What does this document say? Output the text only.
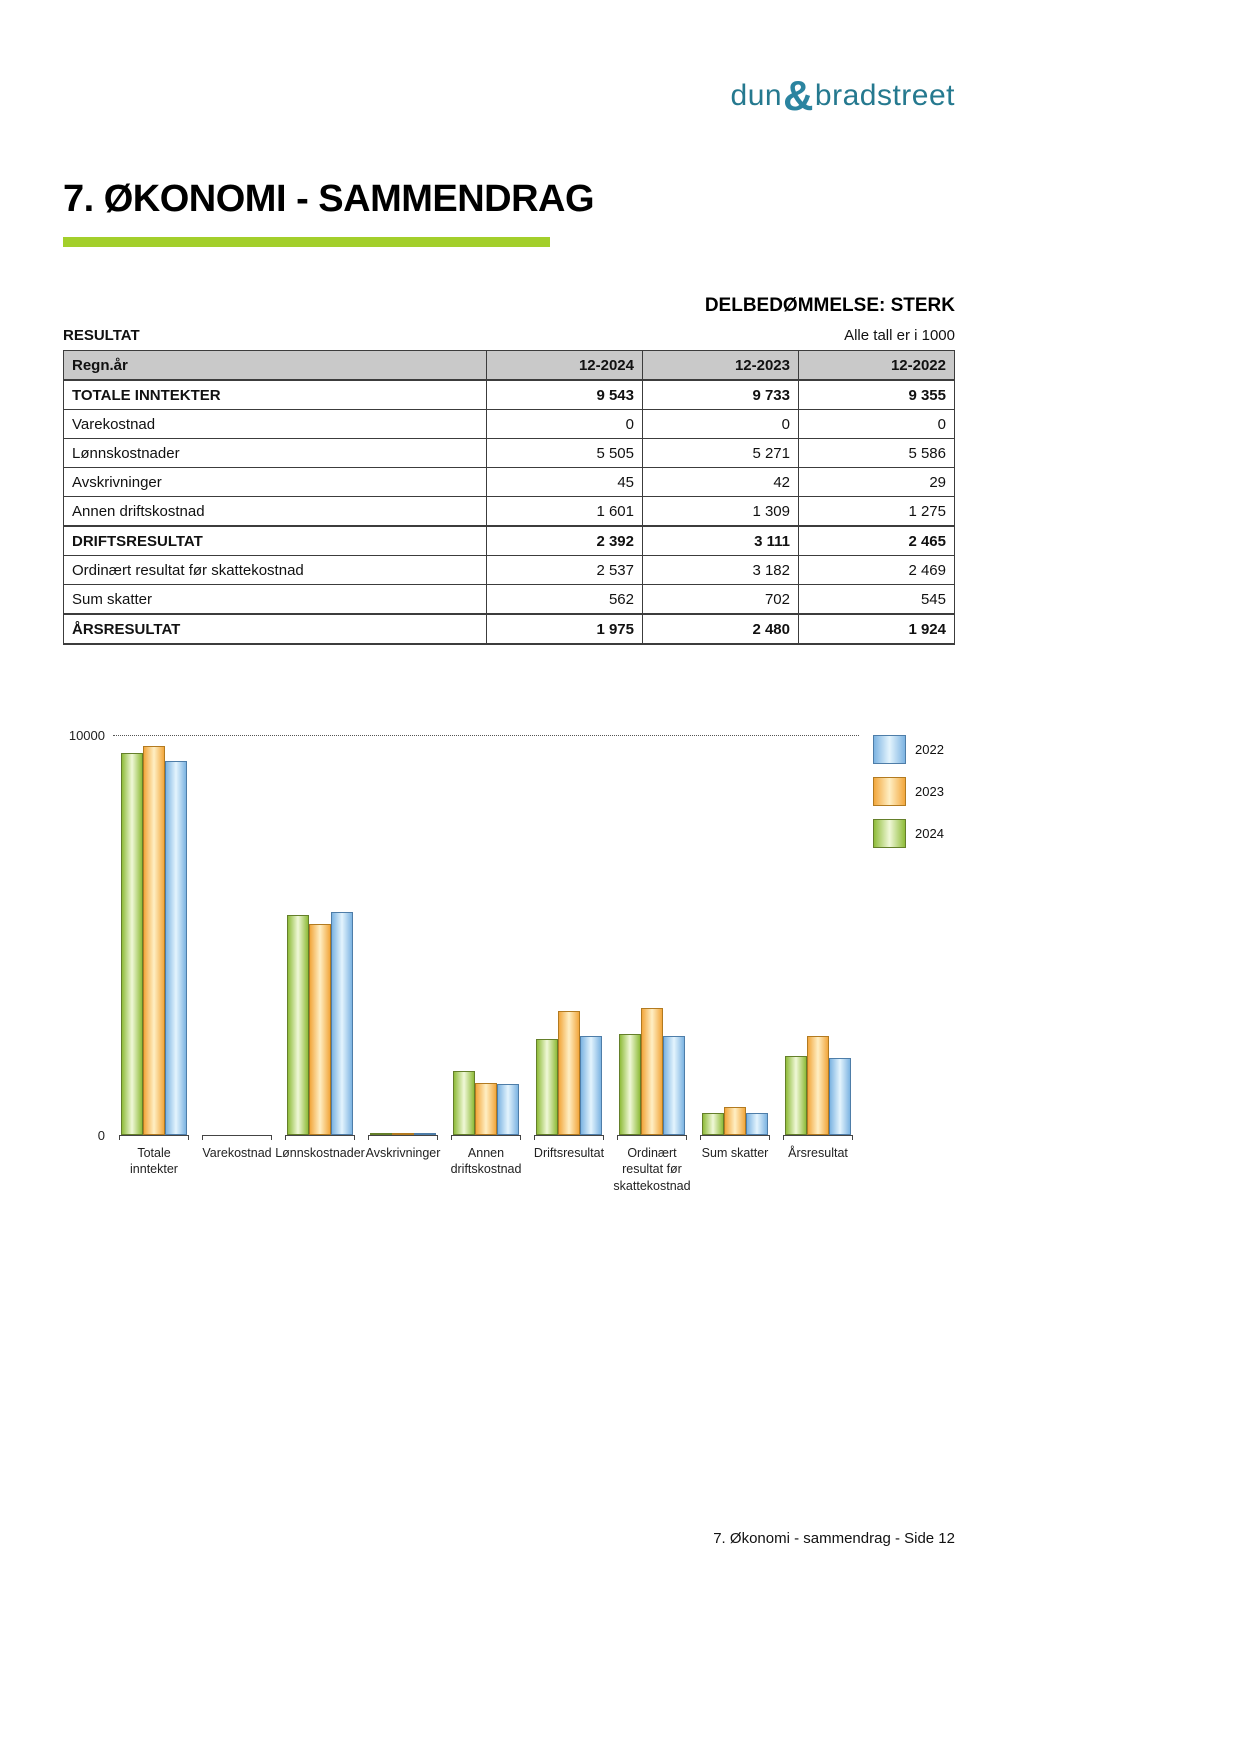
dun&bradstreet
7. ØKONOMI - SAMMENDRAG
DELBEDØMMELSE: STERK
RESULTAT	Alle tall er i 1000
Regn.år	12-2024	12-2023	12-2022
TOTALE INNTEKTER	9 543	9 733	9 355
Varekostnad	0	0	0
Lønnskostnader	5 505	5 271	5 586
Avskrivninger	45	42	29
Annen driftskostnad	1 601	1 309	1 275
DRIFTSRESULTAT	2 392	3 111	2 465
Ordinært resultat før skattekostnad	2 537	3 182	2 469
Sum skatter	562	702	545
ÅRSRESULTAT	1 975	2 480	1 924
10000
0
Totale
inntekter
Varekostnad Lønnskostnader Avskrivninger	Annen
driftskostnad
Driftsresultat	Ordinært
resultat før
skattekostnad
Sum skatter Årsresultat
2022
2023
2024
7. Økonomi - sammendrag - Side 12
